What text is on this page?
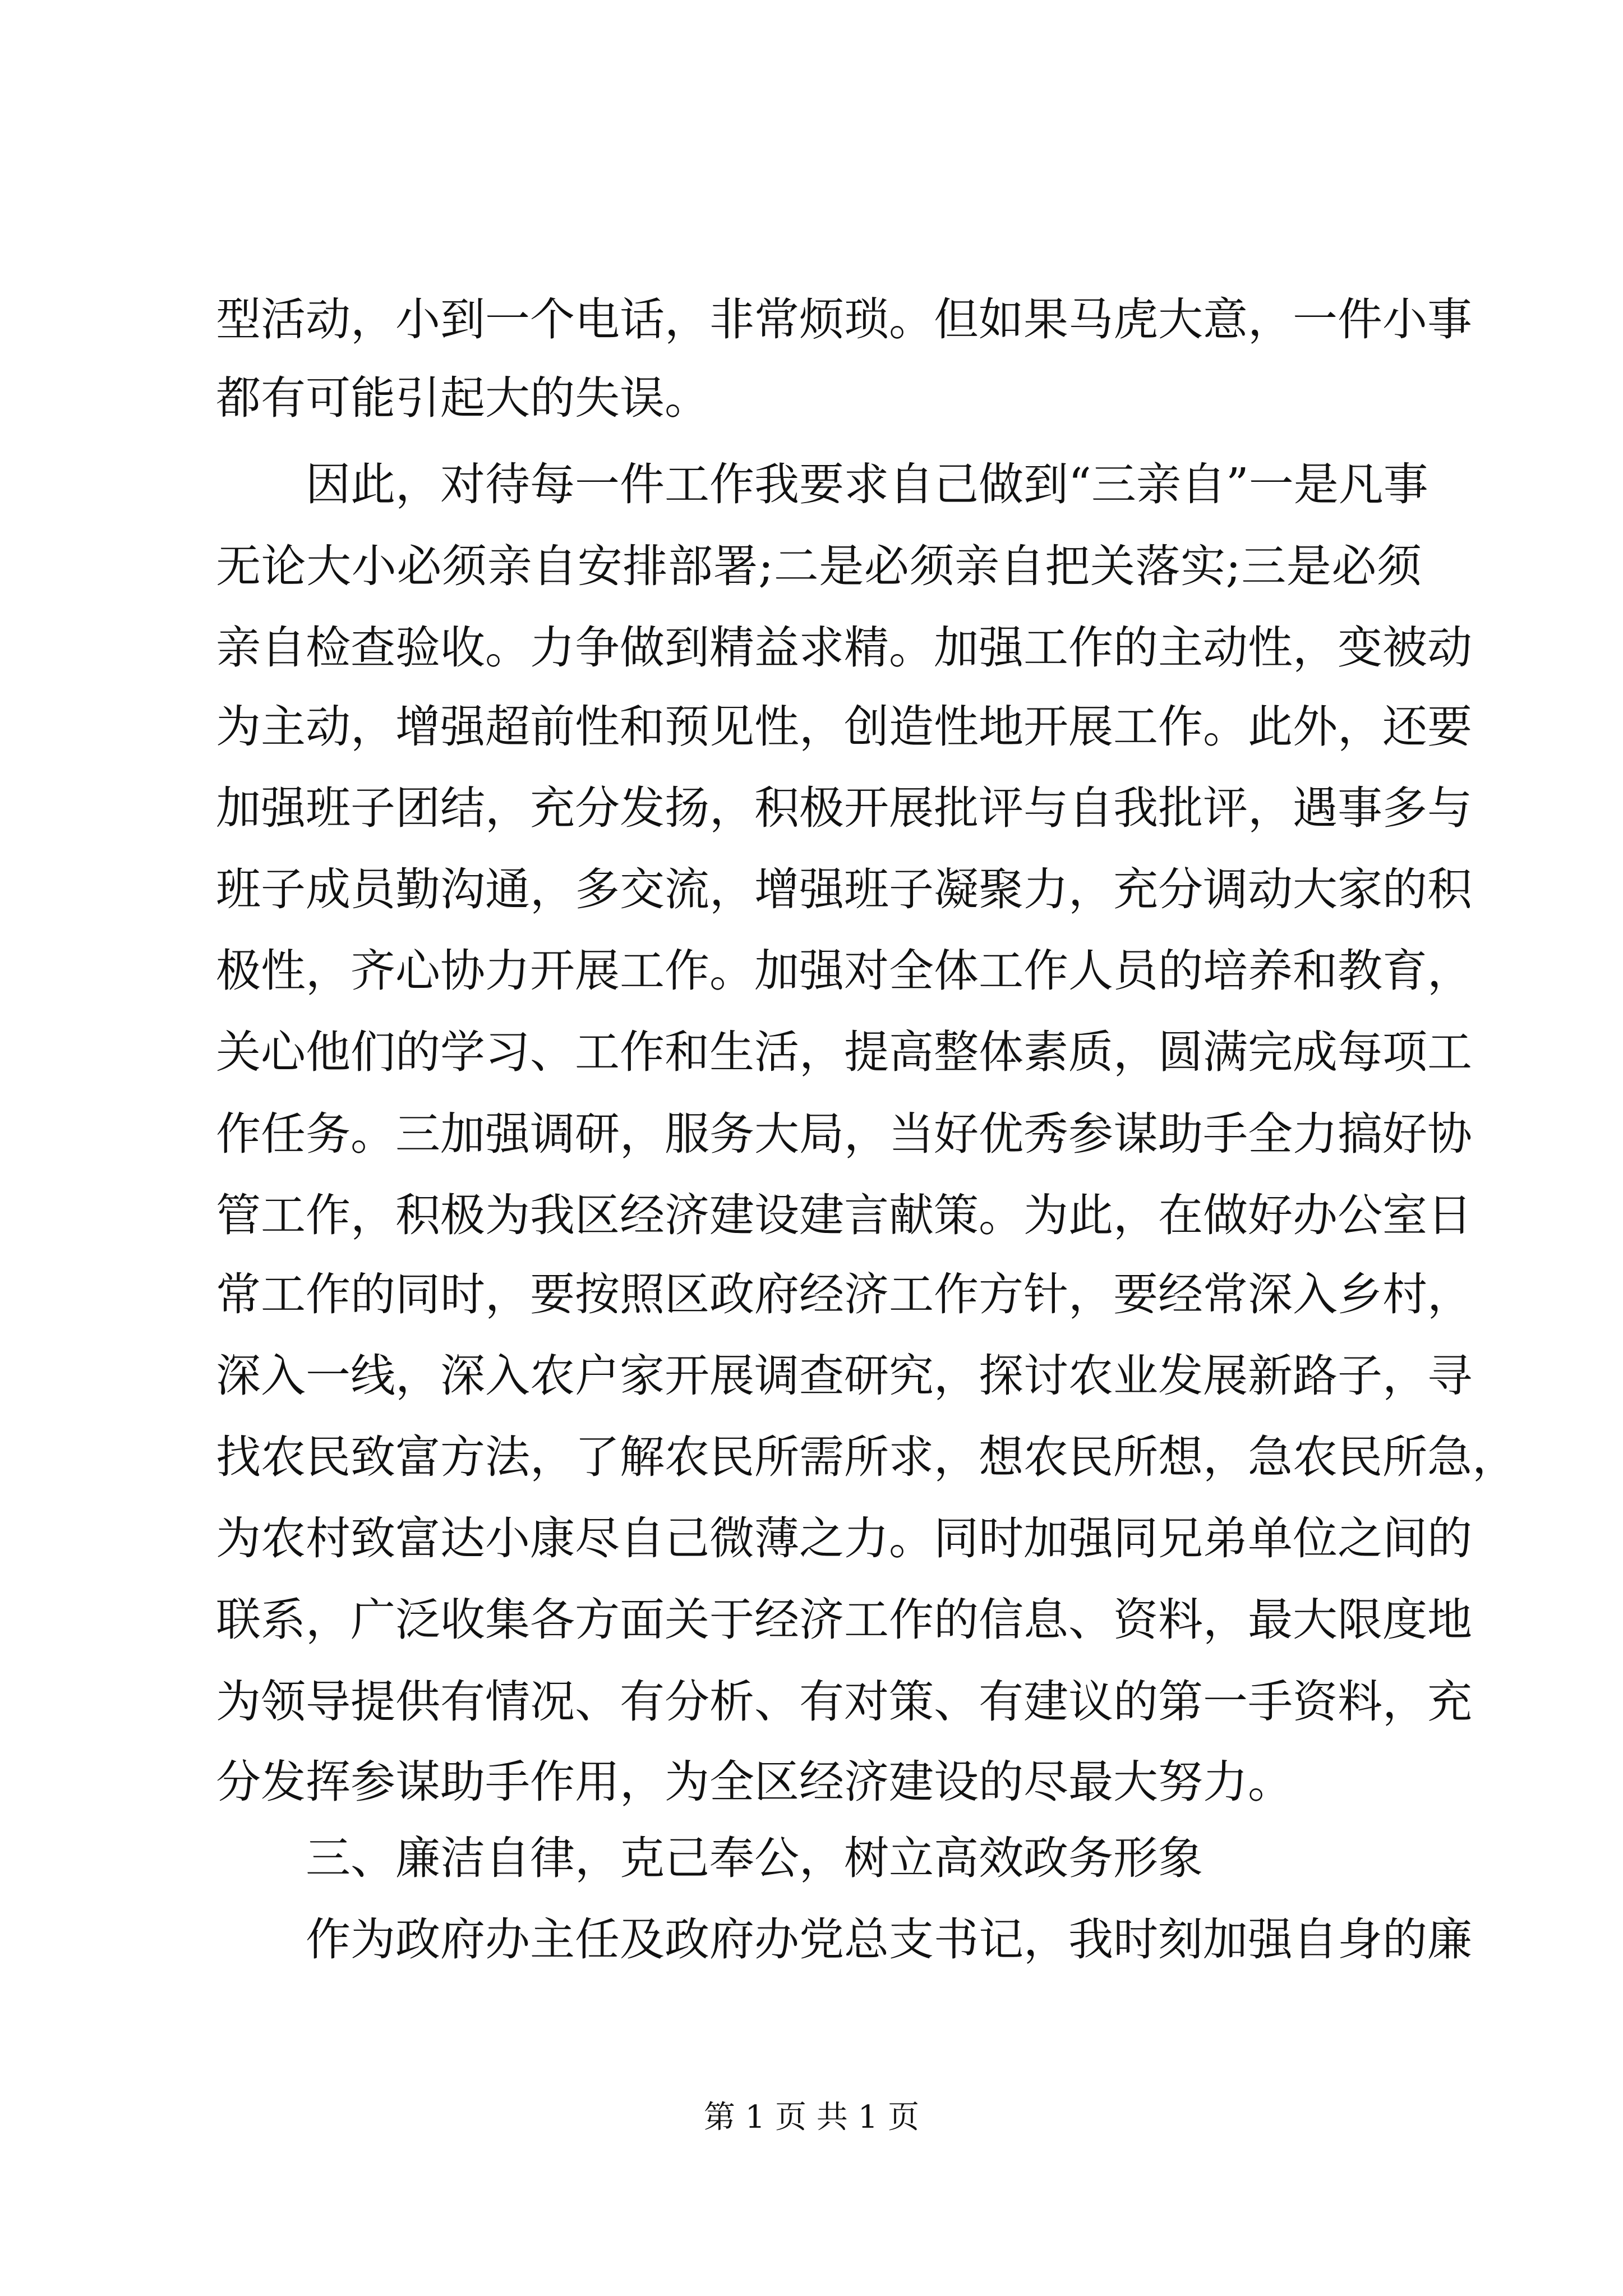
型活动，小到一个电话，非常烦琐。但如果马虎大意，一件小事
都有可能引起大的失误。
因此，对待每一件工作我要求自己做到“三亲自”一是凡事
无论大小必须亲自安排部署;二是必须亲自把关落实;三是必须
亲自检查验收。力争做到精益求精。加强工作的主动性，变被动
为主动，增强超前性和预见性，创造性地开展工作。此外，还要
加强班子团结，充分发扬，积极开展批评与自我批评，遇事多与
班子成员勤沟通，多交流，增强班子凝聚力，充分调动大家的积
极性，齐心协力开展工作。加强对全体工作人员的培养和教育，
关心他们的学习、工作和生活，提高整体素质，圆满完成每项工
作任务。三加强调研，服务大局，当好优秀参谋助手全力搞好协
管工作，积极为我区经济建设建言献策。为此，在做好办公室日
常工作的同时，要按照区政府经济工作方针，要经常深入乡村，
深入一线，深入农户家开展调查研究，探讨农业发展新路子，寻
找农民致富方法，了解农民所需所求，想农民所想，急农民所急，
为农村致富达小康尽自己微薄之力。同时加强同兄弟单位之间的
联系，广泛收集各方面关于经济工作的信息、资料，最大限度地
为领导提供有情况、有分析、有对策、有建议的第一手资料，充
分发挥参谋助手作用，为全区经济建设的尽最大努力。
三、廉洁自律，克己奉公，树立高效政务形象
作为政府办主任及政府办党总支书记，我时刻加强自身的廉
第 1 页 共 1 页
